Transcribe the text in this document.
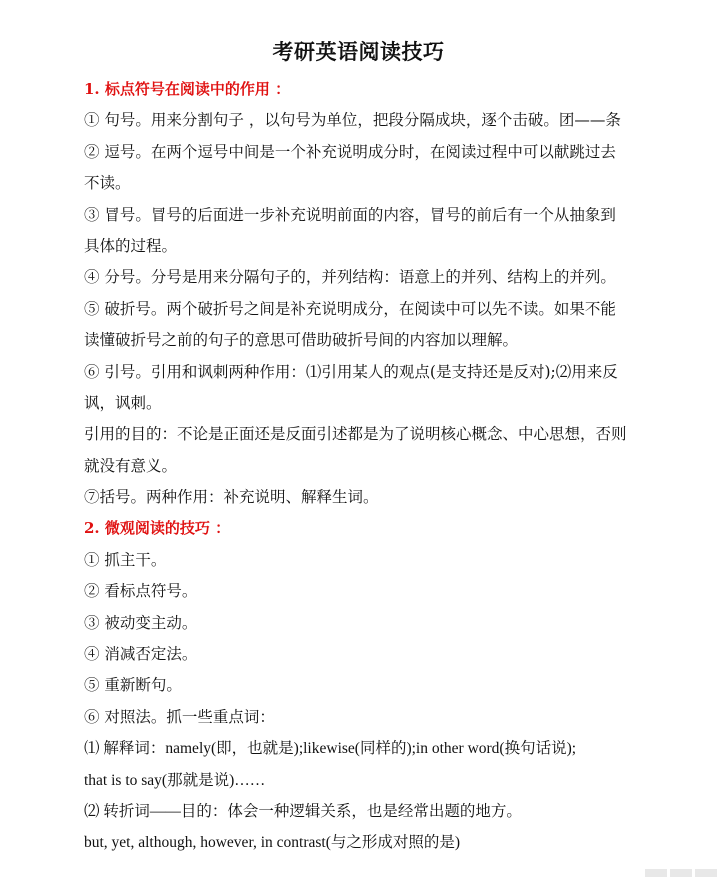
考研英语阅读技巧
1. 标点符号在阅读中的作用 ：
① 句号。用来分割句子 ，以句号为单位，把段分隔成块，逐个击破。团——条
② 逗号。在两个逗号中间是一个补充说明成分时，在阅读过程中可以献跳过去
不读。
③ 冒号。冒号的后面进一步补充说明前面的内容，冒号的前后有一个从抽象到
具体的过程。
④ 分号。分号是用来分隔句子的，并列结构：语意上的并列、结构上的并列。
⑤ 破折号。两个破折号之间是补充说明成分，在阅读中可以先不读。如果不能
读懂破折号之前的句子的意思可借助破折号间的内容加以理解。
⑥ 引号。引用和讽刺两种作用：⑴引用某人的观点(是支持还是反对);⑵用来反
讽，讽刺。
引用的目的：不论是正面还是反面引述都是为了说明核心概念、中心思想，否则
就没有意义。
⑦括号。两种作用：补充说明、解释生词。
2. 微观阅读的技巧 ：
① 抓主干。
② 看标点符号。
③ 被动变主动。
④ 消减否定法。
⑤ 重新断句。
⑥ 对照法。抓一些重点词：
⑴ 解释词：namely(即，也就是);likewise(同样的);in other word(换句话说);
that is to say(那就是说)……
⑵ 转折词——目的：体会一种逻辑关系，也是经常出题的地方。
but, yet, although, however, in contrast(与之形成对照的是)
